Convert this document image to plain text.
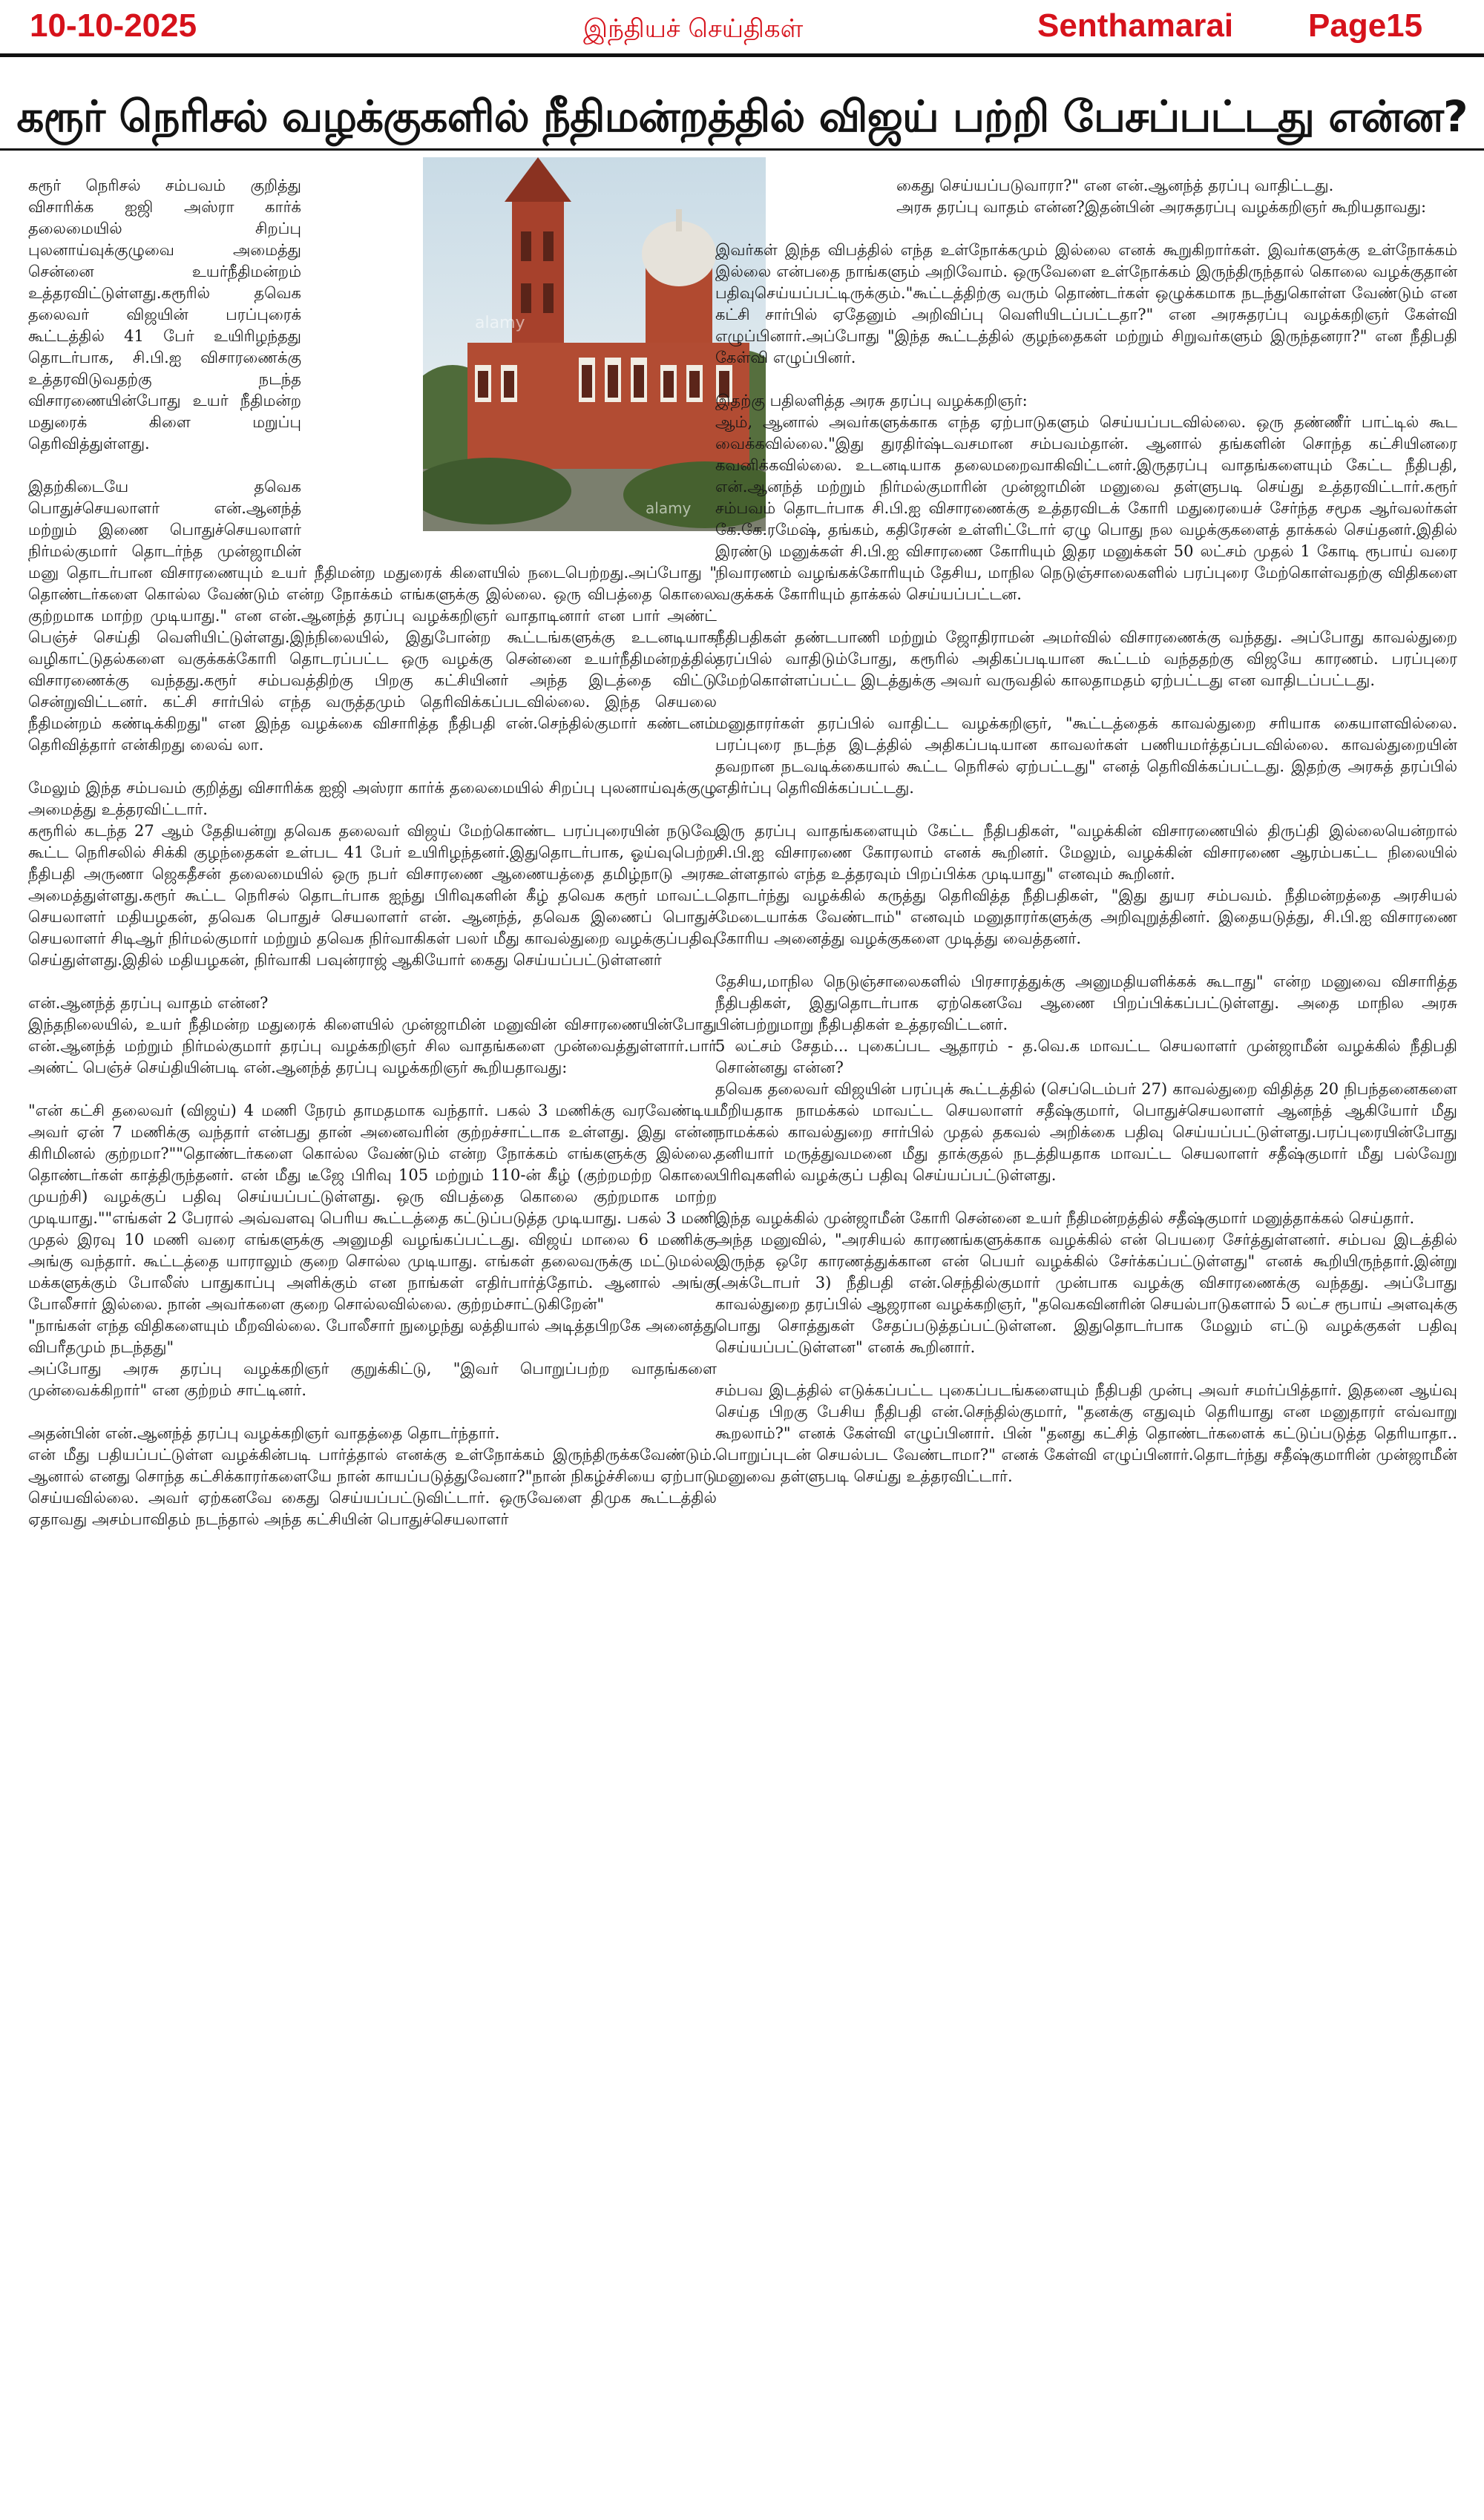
10-10-2025	இந்தியச் செய்திகள்	Senthamarai Page15
கரூர் நெரிசல் வழக்குகளில் நீதிமன்றத்தில் விஜய் பற்றி பேசப்பட்டது என்ன?
alamy
alamy

கரூர் நெரிசல் சம்பவம் குறித்து விசாரிக்க ஐஜி அஸ்ரா கார்க் தலைமையில் சிறப்பு புலனாய்வுக்குழுவை அமைத்து சென்னை உயர்நீதிமன்றம் உத்தரவிட்டுள்ளது.கரூரில் தவெக தலைவர் விஜயின் பரப்புரைக் கூட்டத்தில் 41 பேர் உயிரிழந்தது தொடர்பாக, சி.பி.ஐ விசாரணைக்கு உத்தரவிடுவதற்கு நடந்த விசாரணையின்போது உயர் நீதிமன்ற மதுரைக் கிளை மறுப்பு தெரிவித்துள்ளது.

இதற்கிடையே தவெக பொதுச்செயலாளர் என்.ஆனந்த் மற்றும் இணை பொதுச்செயலாளர் நிர்மல்குமார் தொடர்ந்த முன்ஜாமின் மனு தொடர்பான விசாரணையும் உயர் நீதிமன்ற மதுரைக் கிளையில் நடைபெற்றது.அப்போது " தொண்டர்களை கொல்ல வேண்டும் என்ற நோக்கம் எங்களுக்கு இல்லை. ஒரு விபத்தை கொலை குற்றமாக மாற்ற முடியாது." என என்.ஆனந்த் தரப்பு வழக்கறிஞர் வாதாடினார் என பார் அண்ட் பெஞ்ச் செய்தி வெளியிட்டுள்ளது.இந்நிலையில், இதுபோன்ற கூட்டங்களுக்கு உடனடியாக வழிகாட்டுதல்களை வகுக்கக்கோரி தொடரப்பட்ட ஒரு வழக்கு சென்னை உயர்நீதிமன்றத்தில் விசாரணைக்கு வந்தது.கரூர் சம்பவத்திற்கு பிறகு கட்சியினர் அந்த இடத்தை விட்டு சென்றுவிட்டனர். கட்சி சார்பில் எந்த வருத்தமும் தெரிவிக்கப்படவில்லை. இந்த செயலை நீதிமன்றம் கண்டிக்கிறது" என இந்த வழக்கை விசாரித்த நீதிபதி என்.செந்தில்குமார் கண்டனம் தெரிவித்தார் என்கிறது லைவ் லா.

மேலும் இந்த சம்பவம் குறித்து விசாரிக்க ஐஜி அஸ்ரா கார்க் தலைமையில் சிறப்பு புலனாய்வுக்குழு அமைத்து உத்தரவிட்டார்.
கரூரில் கடந்த 27 ஆம் தேதியன்று தவெக தலைவர் விஜய் மேற்கொண்ட பரப்புரையின் நடுவே கூட்ட நெரிசலில் சிக்கி குழந்தைகள் உள்பட 41 பேர் உயிரிழந்தனர்.இதுதொடர்பாக, ஓய்வுபெற்ற நீதிபதி அருணா ஜெகதீசன் தலைமையில் ஒரு நபர் விசாரணை ஆணையத்தை தமிழ்நாடு அரசு அமைத்துள்ளது.கரூர் கூட்ட நெரிசல் தொடர்பாக ஐந்து பிரிவுகளின் கீழ் தவெக கரூர் மாவட்ட செயலாளர் மதியழகன், தவெக பொதுச் செயலாளர் என். ஆனந்த், தவெக இணைப் பொதுச் செயலாளர் சிடிஆர் நிர்மல்குமார் மற்றும் தவெக நிர்வாகிகள் பலர் மீது காவல்துறை வழக்குப்பதிவு செய்துள்ளது.இதில் மதியழகன், நிர்வாகி பவுன்ராஜ் ஆகியோர் கைது செய்யப்பட்டுள்ளனர்

என்.ஆனந்த் தரப்பு வாதம் என்ன?
இந்தநிலையில், உயர் நீதிமன்ற மதுரைக் கிளையில் முன்ஜாமின் மனுவின் விசாரணையின்போது என்.ஆனந்த் மற்றும் நிர்மல்குமார் தரப்பு வழக்கறிஞர் சில வாதங்களை முன்வைத்துள்ளார்.பார் அண்ட் பெஞ்ச் செய்தியின்படி என்.ஆனந்த் தரப்பு வழக்கறிஞர் கூறியதாவது:

"என் கட்சி தலைவர் (விஜய்) 4 மணி நேரம் தாமதமாக வந்தார். பகல் 3 மணிக்கு வரவேண்டிய அவர் ஏன் 7 மணிக்கு வந்தார் என்பது தான் அனைவரின் குற்றச்சாட்டாக உள்ளது. இது என்ன கிரிமினல் குற்றமா?""தொண்டர்களை கொல்ல வேண்டும் என்ற நோக்கம் எங்களுக்கு இல்லை. தொண்டர்கள் காத்திருந்தனர். என் மீது டீஜே பிரிவு 105 மற்றும் 110-ன் கீழ் (குற்றமற்ற கொலை முயற்சி) வழக்குப் பதிவு செய்யப்பட்டுள்ளது. ஒரு விபத்தை கொலை குற்றமாக மாற்ற முடியாது.""எங்கள் 2 பேரால் அவ்வளவு பெரிய கூட்டத்தை கட்டுப்படுத்த முடியாது. பகல் 3 மணி முதல் இரவு 10 மணி வரை எங்களுக்கு அனுமதி வழங்கப்பட்டது. விஜய் மாலை 6 மணிக்கு அங்கு வந்தார். கூட்டத்தை யாராலும் குறை சொல்ல முடியாது. எங்கள் தலைவருக்கு மட்டுமல்ல மக்களுக்கும் போலீஸ் பாதுகாப்பு அளிக்கும் என நாங்கள் எதிர்பார்த்தோம். ஆனால் அங்கு போலீசார் இல்லை. நான் அவர்களை குறை சொல்லவில்லை. குற்றம்சாட்டுகிறேன்"
"நாங்கள் எந்த விதிகளையும் மீறவில்லை. போலீசார் நுழைந்து லத்தியால் அடித்தபிறகே அனைத்து விபரீதமும் நடந்தது"
அப்போது அரசு தரப்பு வழக்கறிஞர் குறுக்கிட்டு, "இவர் பொறுப்பற்ற வாதங்களை முன்வைக்கிறார்" என குற்றம் சாட்டினர்.

அதன்பின் என்.ஆனந்த் தரப்பு வழக்கறிஞர் வாதத்தை தொடர்ந்தார்.
என் மீது பதியப்பட்டுள்ள வழக்கின்படி பார்த்தால் எனக்கு உள்நோக்கம் இருந்திருக்கவேண்டும். ஆனால் எனது சொந்த கட்சிக்காரர்களையே நான் காயப்படுத்துவேனா?"நான் நிகழ்ச்சியை ஏற்பாடு செய்யவில்லை. அவர் ஏற்கனவே கைது செய்யப்பட்டுவிட்டார். ஒருவேளை திமுக கூட்டத்தில் ஏதாவது அசம்பாவிதம் நடந்தால் அந்த கட்சியின் பொதுச்செயலாளர்

கைது செய்யப்படுவாரா?" என என்.ஆனந்த் தரப்பு வாதிட்டது.
அரசு தரப்பு வாதம் என்ன?இதன்பின் அரசுதரப்பு வழக்கறிஞர் கூறியதாவது:

இவர்கள் இந்த விபத்தில் எந்த உள்நோக்கமும் இல்லை எனக் கூறுகிறார்கள். இவர்களுக்கு உள்நோக்கம் இல்லை என்பதை நாங்களும் அறிவோம். ஒருவேளை உள்நோக்கம் இருந்திருந்தால் கொலை வழக்குதான் பதிவுசெய்யப்பட்டிருக்கும்."கூட்டத்திற்கு வரும் தொண்டர்கள் ஒழுக்கமாக நடந்துகொள்ள வேண்டும் என கட்சி சார்பில் ஏதேனும் அறிவிப்பு வெளியிடப்பட்டதா?" என அரசுதரப்பு வழக்கறிஞர் கேள்வி எழுப்பினார்.அப்போது "இந்த கூட்டத்தில் குழந்தைகள் மற்றும் சிறுவர்களும் இருந்தனரா?" என நீதிபதி கேள்வி எழுப்பினர்.

இதற்கு பதிலளித்த அரசு தரப்பு வழக்கறிஞர்:
ஆம், ஆனால் அவர்களுக்காக எந்த ஏற்பாடுகளும் செய்யப்படவில்லை. ஒரு தண்ணீர் பாட்டில் கூட வைக்கவில்லை."இது துரதிர்ஷ்டவசமான சம்பவம்தான். ஆனால் தங்களின் சொந்த கட்சியினரை கவனிக்கவில்லை. உடனடியாக தலைமறைவாகிவிட்டனர்.இருதரப்பு வாதங்களையும் கேட்ட நீதிபதி, என்.ஆனந்த் மற்றும் நிர்மல்குமாரின் முன்ஜாமின் மனுவை தள்ளுபடி செய்து உத்தரவிட்டார்.கரூர் சம்பவம் தொடர்பாக சி.பி.ஐ விசாரணைக்கு உத்தரவிடக் கோரி மதுரையைச் சேர்ந்த சமூக ஆர்வலர்கள் கே.கே.ரமேஷ், தங்கம், கதிரேசன் உள்ளிட்டோர் ஏழு பொது நல வழக்குகளைத் தாக்கல் செய்தனர்.இதில் இரண்டு மனுக்கள் சி.பி.ஐ விசாரணை கோரியும் இதர மனுக்கள் 50 லட்சம் முதல் 1 கோடி ரூபாய் வரை நிவாரணம் வழங்கக்கோரியும் தேசிய, மாநில நெடுஞ்சாலைகளில் பரப்புரை மேற்கொள்வதற்கு விதிகளை வகுக்கக் கோரியும் தாக்கல் செய்யப்பட்டன.

நீதிபதிகள் தண்டபாணி மற்றும் ஜோதிராமன் அமர்வில் விசாரணைக்கு வந்தது. அப்போது காவல்துறை தரப்பில் வாதிடும்போது, கரூரில் அதிகப்படியான கூட்டம் வந்ததற்கு விஜயே காரணம். பரப்புரை மேற்கொள்ளப்பட்ட இடத்துக்கு அவர் வருவதில் காலதாமதம் ஏற்பட்டது என வாதிடப்பட்டது.

மனுதாரர்கள் தரப்பில் வாதிட்ட வழக்கறிஞர், "கூட்டத்தைக் காவல்துறை சரியாக கையாளவில்லை. பரப்புரை நடந்த இடத்தில் அதிகப்படியான காவலர்கள் பணியமர்த்தப்படவில்லை. காவல்துறையின் தவறான நடவடிக்கையால் கூட்ட நெரிசல் ஏற்பட்டது" எனத் தெரிவிக்கப்பட்டது. இதற்கு அரசுத் தரப்பில் எதிர்ப்பு தெரிவிக்கப்பட்டது.

இரு தரப்பு வாதங்களையும் கேட்ட நீதிபதிகள், "வழக்கின் விசாரணையில் திருப்தி இல்லையென்றால் சி.பி.ஐ விசாரணை கோரலாம் எனக் கூறினர். மேலும், வழக்கின் விசாரணை ஆரம்பகட்ட நிலையில் உள்ளதால் எந்த உத்தரவும் பிறப்பிக்க முடியாது" எனவும் கூறினர்.
தொடர்ந்து வழக்கில் கருத்து தெரிவித்த நீதிபதிகள், "இது துயர சம்பவம். நீதிமன்றத்தை அரசியல் மேடையாக்க வேண்டாம்" எனவும் மனுதாரர்களுக்கு அறிவுறுத்தினர். இதையடுத்து, சி.பி.ஐ விசாரணை கோரிய அனைத்து வழக்குகளை முடித்து வைத்தனர்.

தேசிய,மாநில நெடுஞ்சாலைகளில் பிரசாரத்துக்கு அனுமதியளிக்கக் கூடாது" என்ற மனுவை விசாரித்த நீதிபதிகள், இதுதொடர்பாக ஏற்கெனவே ஆணை பிறப்பிக்கப்பட்டுள்ளது. அதை மாநில அரசு பின்பற்றுமாறு நீதிபதிகள் உத்தரவிட்டனர்.
5 லட்சம் சேதம்... புகைப்பட ஆதாரம் - த.வெ.க மாவட்ட செயலாளர் முன்ஜாமீன் வழக்கில் நீதிபதி சொன்னது என்ன?
தவெக தலைவர் விஜயின் பரப்புக் கூட்டத்தில் (செப்டெம்பர் 27) காவல்துறை விதித்த 20 நிபந்தனைகளை மீறியதாக நாமக்கல் மாவட்ட செயலாளர் சதீஷ்குமார், பொதுச்செயலாளர் ஆனந்த் ஆகியோர் மீது நாமக்கல் காவல்துறை சார்பில் முதல் தகவல் அறிக்கை பதிவு செய்யப்பட்டுள்ளது.பரப்புரையின்போது தனியார் மருத்துவமனை மீது தாக்குதல் நடத்தியதாக மாவட்ட செயலாளர் சதீஷ்குமார் மீது பல்வேறு பிரிவுகளில் வழக்குப் பதிவு செய்யப்பட்டுள்ளது.

இந்த வழக்கில் முன்ஜாமீன் கோரி சென்னை உயர் நீதிமன்றத்தில் சதீஷ்குமார் மனுத்தாக்கல் செய்தார்.
அந்த மனுவில், "அரசியல் காரணங்களுக்காக வழக்கில் என் பெயரை சேர்த்துள்ளனர். சம்பவ இடத்தில் இருந்த ஒரே காரணத்துக்கான என் பெயர் வழக்கில் சேர்க்கப்பட்டுள்ளது" எனக் கூறியிருந்தார்.இன்று (அக்டோபர் 3) நீதிபதி என்.செந்தில்குமார் முன்பாக வழக்கு விசாரணைக்கு வந்தது. அப்போது காவல்துறை தரப்பில் ஆஜரான வழக்கறிஞர், "தவெகவினரின் செயல்பாடுகளால் 5 லட்ச ரூபாய் அளவுக்கு பொது சொத்துகள் சேதப்படுத்தப்பட்டுள்ளன. இதுதொடர்பாக மேலும் எட்டு வழக்குகள் பதிவு செய்யப்பட்டுள்ளன" எனக் கூறினார்.

சம்பவ இடத்தில் எடுக்கப்பட்ட புகைப்படங்களையும் நீதிபதி முன்பு அவர் சமர்ப்பித்தார். இதனை ஆய்வு செய்த பிறகு பேசிய நீதிபதி என்.செந்தில்குமார், "தனக்கு எதுவும் தெரியாது என மனுதாரர் எவ்வாறு கூறலாம்?" எனக் கேள்வி எழுப்பினார். பின் "தனது கட்சித் தொண்டர்களைக் கட்டுப்படுத்த தெரியாதா.. பொறுப்புடன் செயல்பட வேண்டாமா?" எனக் கேள்வி எழுப்பினார்.தொடர்ந்து சதீஷ்குமாரின் முன்ஜாமீன் மனுவை தள்ளுபடி செய்து உத்தரவிட்டார்.
